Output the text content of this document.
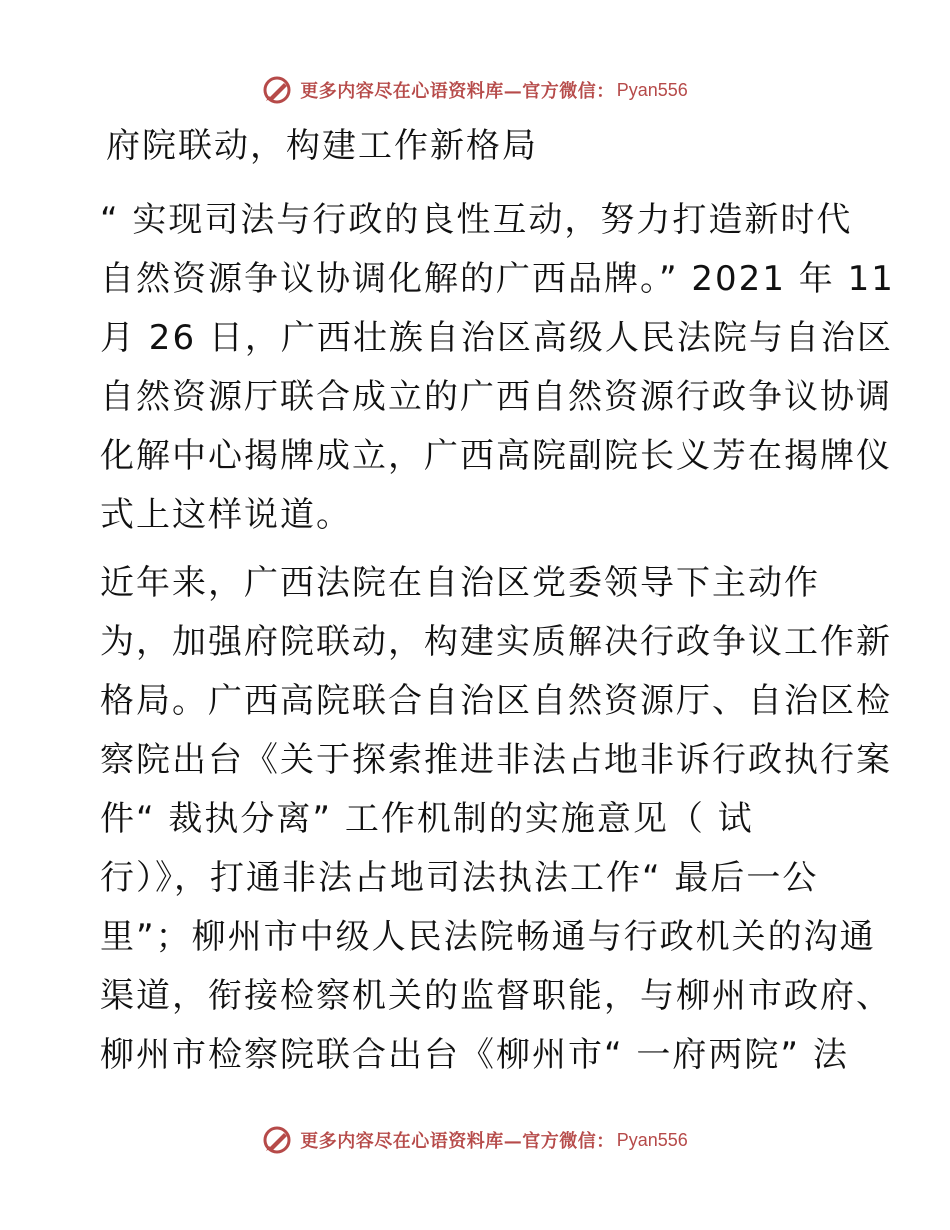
更多内容尽在心语资料库—官方微信： Pyan556
府院联动，构建工作新格局
“ 实现司法与行政的良性互动，努力打造新时代
自然资源争议协调化解的广西品牌。” 2021 年 11
月 26 日，广西壮族自治区高级人民法院与自治区
自然资源厅联合成立的广西自然资源行政争议协调
化解中心揭牌成立，广西高院副院长义芳在揭牌仪
式上这样说道。
近年来，广西法院在自治区党委领导下主动作
为，加强府院联动，构建实质解决行政争议工作新
格局。广西高院联合自治区自然资源厅、自治区检
察院出台《关于探索推进非法占地非诉行政执行案
件“ 裁执分离” 工作机制的实施意见（ 试
行）》，打通非法占地司法执法工作“ 最后一公
里”；柳州市中级人民法院畅通与行政机关的沟通
渠道，衔接检察机关的监督职能，与柳州市政府、
柳州市检察院联合出台《柳州市“ 一府两院” 法
更多内容尽在心语资料库—官方微信： Pyan556
